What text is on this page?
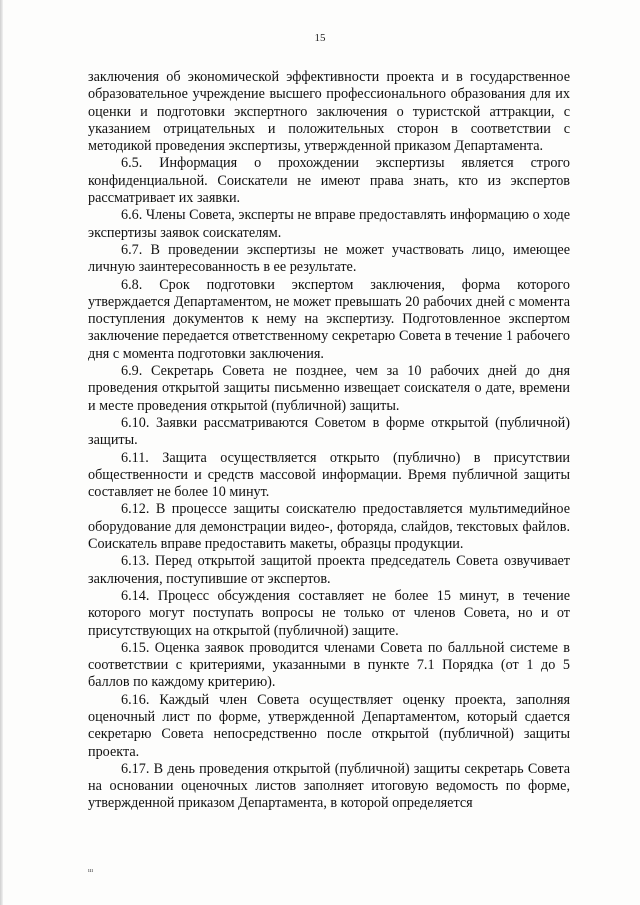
15

заключения об экономической эффективности проекта и в государственное образовательное учреждение высшего профессионального образования для их оценки и подготовки экспертного заключения о туристской аттракции, с указанием отрицательных и положительных сторон в соответствии с методикой проведения экспертизы, утвержденной приказом Департамента.

6.5. Информация о прохождении экспертизы является строго конфиденциальной. Соискатели не имеют права знать, кто из экспертов рассматривает их заявки.

6.6. Члены Совета, эксперты не вправе предоставлять информацию о ходе экспертизы заявок соискателям.

6.7. В проведении экспертизы не может участвовать лицо, имеющее личную заинтересованность в ее результате.

6.8. Срок подготовки экспертом заключения, форма которого утверждается Департаментом, не может превышать 20 рабочих дней с момента поступления документов к нему на экспертизу. Подготовленное экспертом заключение передается ответственному секретарю Совета в течение 1 рабочего дня с момента подготовки заключения.

6.9. Секретарь Совета не позднее, чем за 10 рабочих дней до дня проведения открытой защиты письменно извещает соискателя о дате, времени и месте проведения открытой (публичной) защиты.

6.10. Заявки рассматриваются Советом в форме открытой (публичной) защиты.

6.11. Защита осуществляется открыто (публично) в присутствии общественности и средств массовой информации. Время публичной защиты составляет не более 10 минут.

6.12. В процессе защиты соискателю предоставляется мультимедийное оборудование для демонстрации видео-, фоторяда, слайдов, текстовых файлов. Соискатель вправе предоставить макеты, образцы продукции.

6.13. Перед открытой защитой проекта председатель Совета озвучивает заключения, поступившие от экспертов.

6.14. Процесс обсуждения составляет не более 15 минут, в течение которого могут поступать вопросы не только от членов Совета, но и от присутствующих на открытой (публичной) защите.

6.15. Оценка заявок проводится членами Совета по балльной системе в соответствии с критериями, указанными в пункте 7.1 Порядка (от 1 до 5 баллов по каждому критерию).

6.16. Каждый член Совета осуществляет оценку проекта, заполняя оценочный лист по форме, утвержденной Департаментом, который сдается секретарю Совета непосредственно после открытой (публичной) защиты проекта.

6.17. В день проведения открытой (публичной) защиты секретарь Совета на основании оценочных листов заполняет итоговую ведомость по форме, утвержденной приказом Департамента, в которой определяется

ııı
